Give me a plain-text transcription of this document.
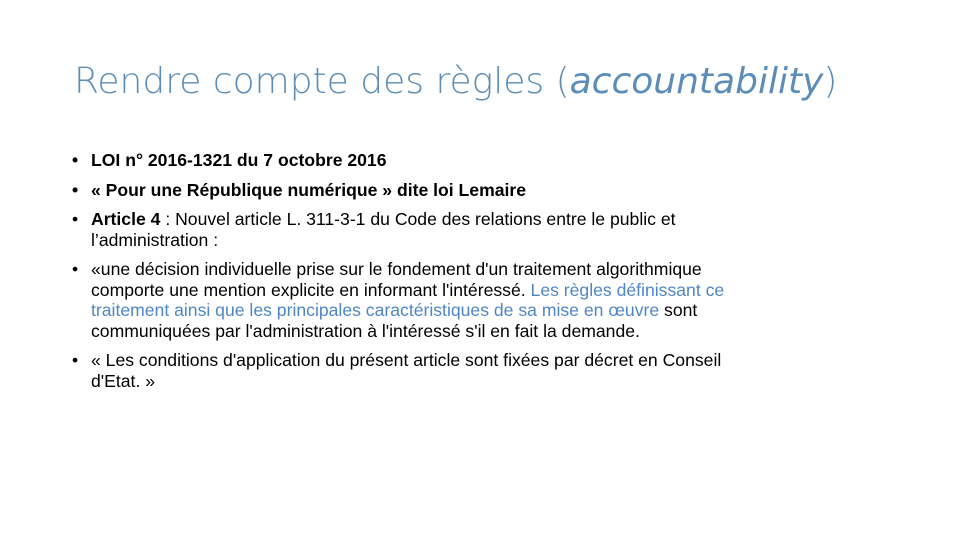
Rendre compte des règles (accountability)
• LOI n° 2016-1321 du 7 octobre 2016
• « Pour une République numérique » dite loi Lemaire
• Article 4 : Nouvel article L. 311-3-1 du Code des relations entre le public et l’administration :
• «une décision individuelle prise sur le fondement d'un traitement algorithmique comporte une mention explicite en informant l'intéressé. Les règles définissant ce traitement ainsi que les principales caractéristiques de sa mise en œuvre sont communiquées par l'administration à l'intéressé s'il en fait la demande.
• « Les conditions d'application du présent article sont fixées par décret en Conseil d'Etat. »
